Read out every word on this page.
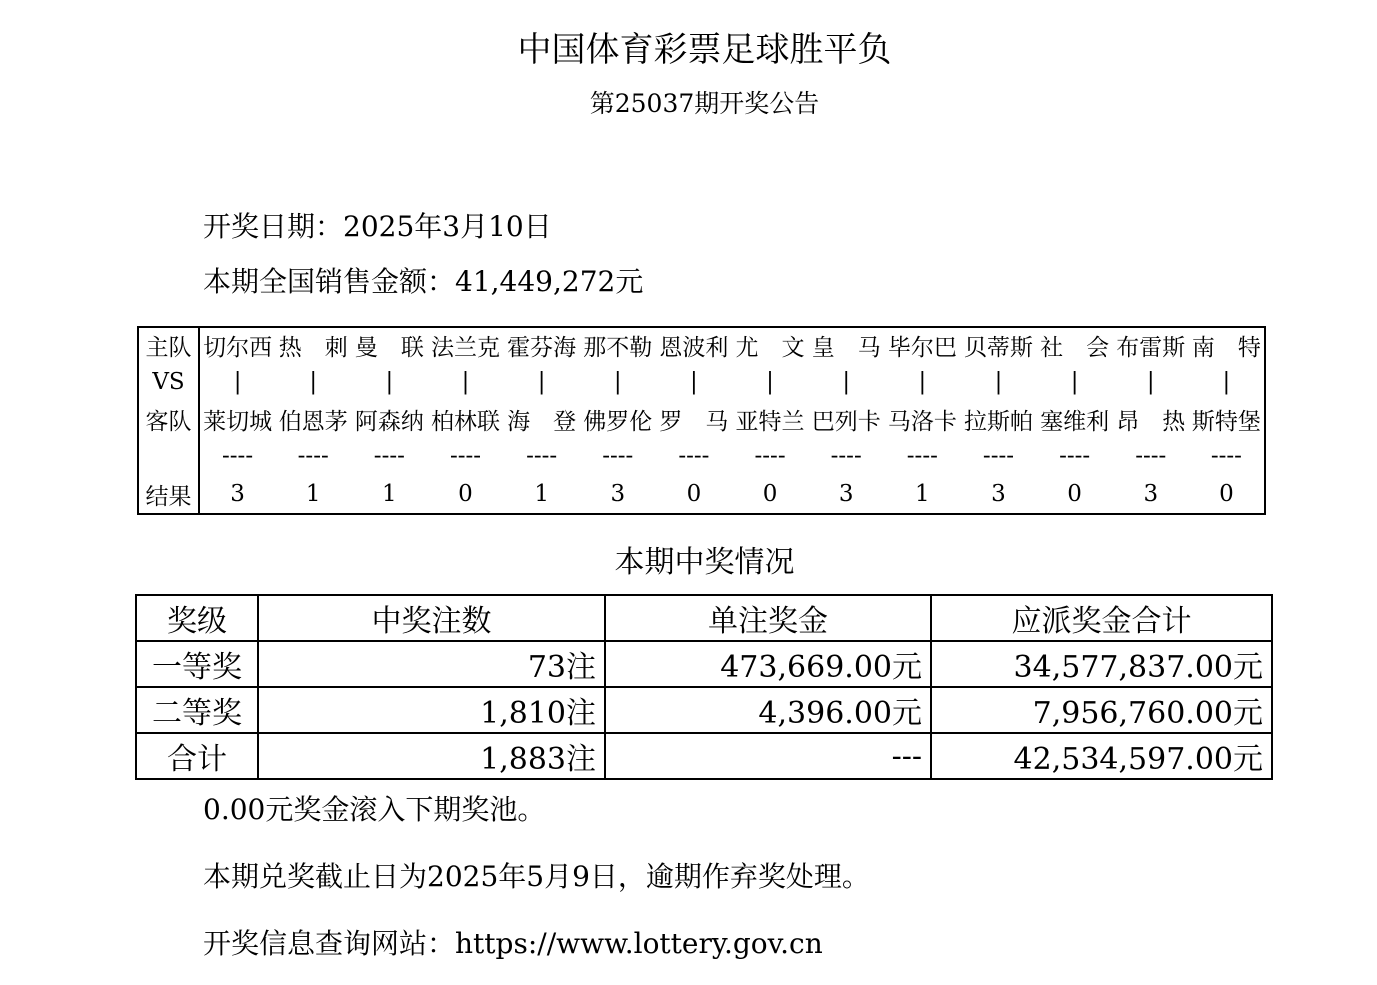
中国体育彩票足球胜平负
第25037期开奖公告
开奖日期：2025年3月10日
本期全国销售金额：41,449,272元
主队	切尔西	热　刺	曼　联	法兰克	霍芬海	那不勒	恩波利	尤　文	皇　马	毕尔巴	贝蒂斯	社　会	布雷斯	南　特
VS	|	|	|	|	|	|	|	|	|	|	|	|	|	|
客队	莱切城	伯恩茅	阿森纳	柏林联	海　登	佛罗伦	罗　马	亚特兰	巴列卡	马洛卡	拉斯帕	塞维利	昂　热	斯特堡
	----	----	----	----	----	----	----	----	----	----	----	----	----	----
结果	3	1	1	0	1	3	0	0	3	1	3	0	3	0
本期中奖情况
奖级	中奖注数	单注奖金	应派奖金合计
一等奖	73注	473,669.00元	34,577,837.00元
二等奖	1,810注	4,396.00元	7,956,760.00元
合计	1,883注	---	42,534,597.00元
0.00元奖金滚入下期奖池。
本期兑奖截止日为2025年5月9日，逾期作弃奖处理。
开奖信息查询网站：https://www.lottery.gov.cn
